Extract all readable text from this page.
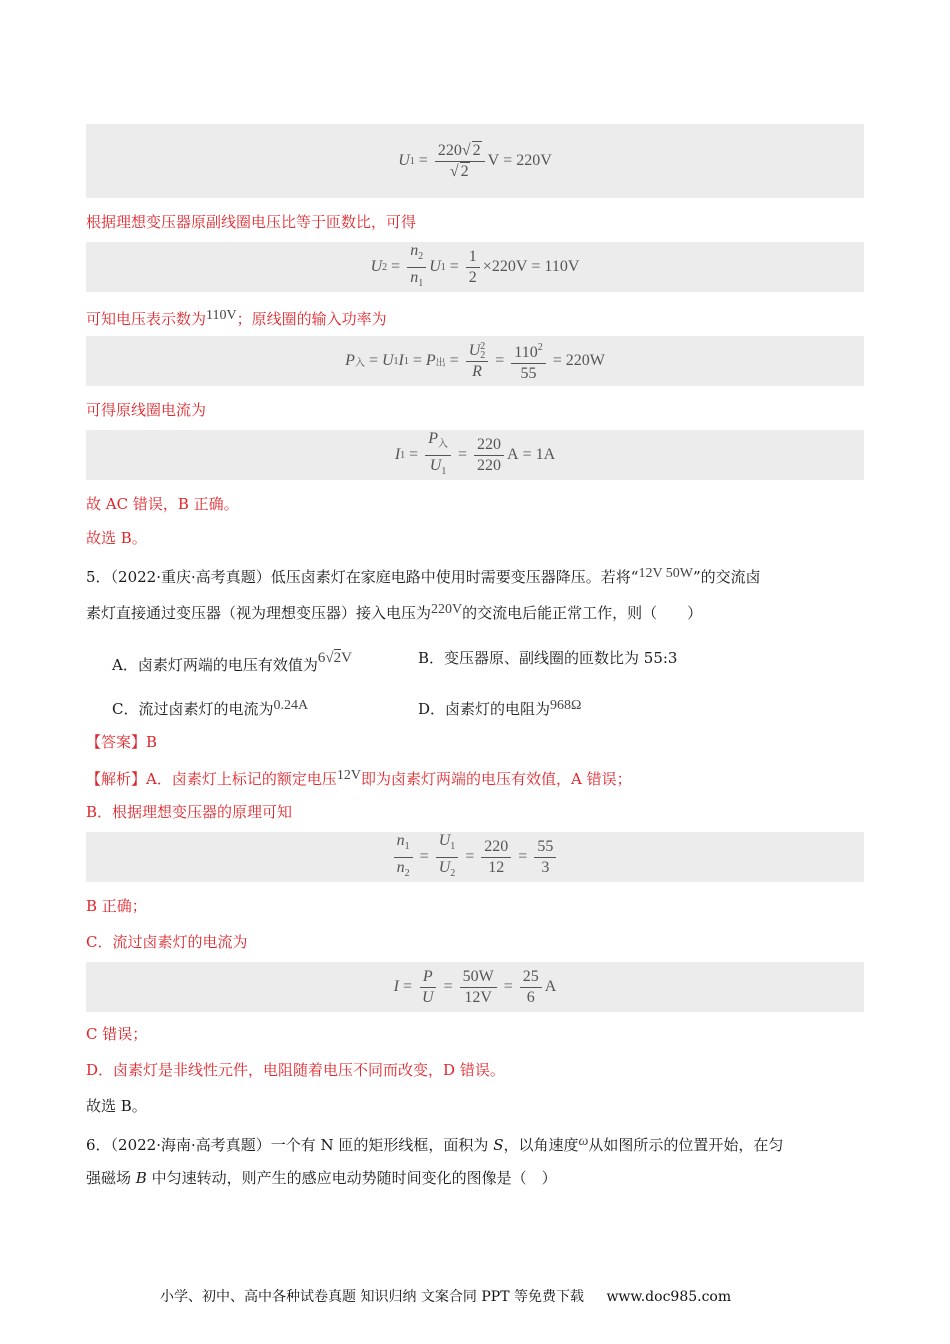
U $1 = \frac{220√ 2}{√ 2}$ V = 220V
根据理想变压器原副线圈电压比等于匝数比，可得
U $2 = \frac{n_2}{n_1}$ U $1 = \frac{1}{2} \times 220V = 110V$
可知电压表示数为110V；原线圈的输入功率为
P 入 = U 1 I 1 = P 出 = U 2
2
$R = \frac{110^2}{55} = 220W$
可得原线圈电流为
I $1 = \frac{P_入}{U_1} = \frac{220}{220}$ A = 1A
故 AC 错误，B 正确。
故选 B。
5．（2022·重庆·高考真题）低压卤素灯在家庭电路中使用时需要变压器降压。若将“12V 50W”的交流卤
素灯直接通过变压器（视为理想变压器）接入电压为220V的交流电后能正常工作，则（　　）
A．卤素灯两端的电压有效值为6√2V	B．变压器原、副线圈的匝数比为 55:3
C．流过卤素灯的电流为0.24A	D．卤素灯的电阻为968Ω
【答案】B
【解析】A．卤素灯上标记的额定电压12V即为卤素灯两端的电压有效值，A 错误；
B．根据理想变压器的原理可知
$\frac{n_1}{n_2} = \frac{U_1}{U_2} = \frac{220}{12} = \frac{55}{3}$
B 正确；
C．流过卤素灯的电流为
$I = \frac{P}{U} = \frac{50W}{12V} = \frac{25}{6}$ A
C 错误；
D．卤素灯是非线性元件，电阻随着电压不同而改变，D 错误。
故选 B。
6．（2022·海南·高考真题）一个有 N 匝的矩形线框，面积为 S，以角速度ω从如图所示的位置开始，在匀
强磁场 B 中匀速转动，则产生的感应电动势随时间变化的图像是（　）
小学、初中、高中各种试卷真题 知识归纳 文案合同 PPT 等免费下载 www.doc985.com
